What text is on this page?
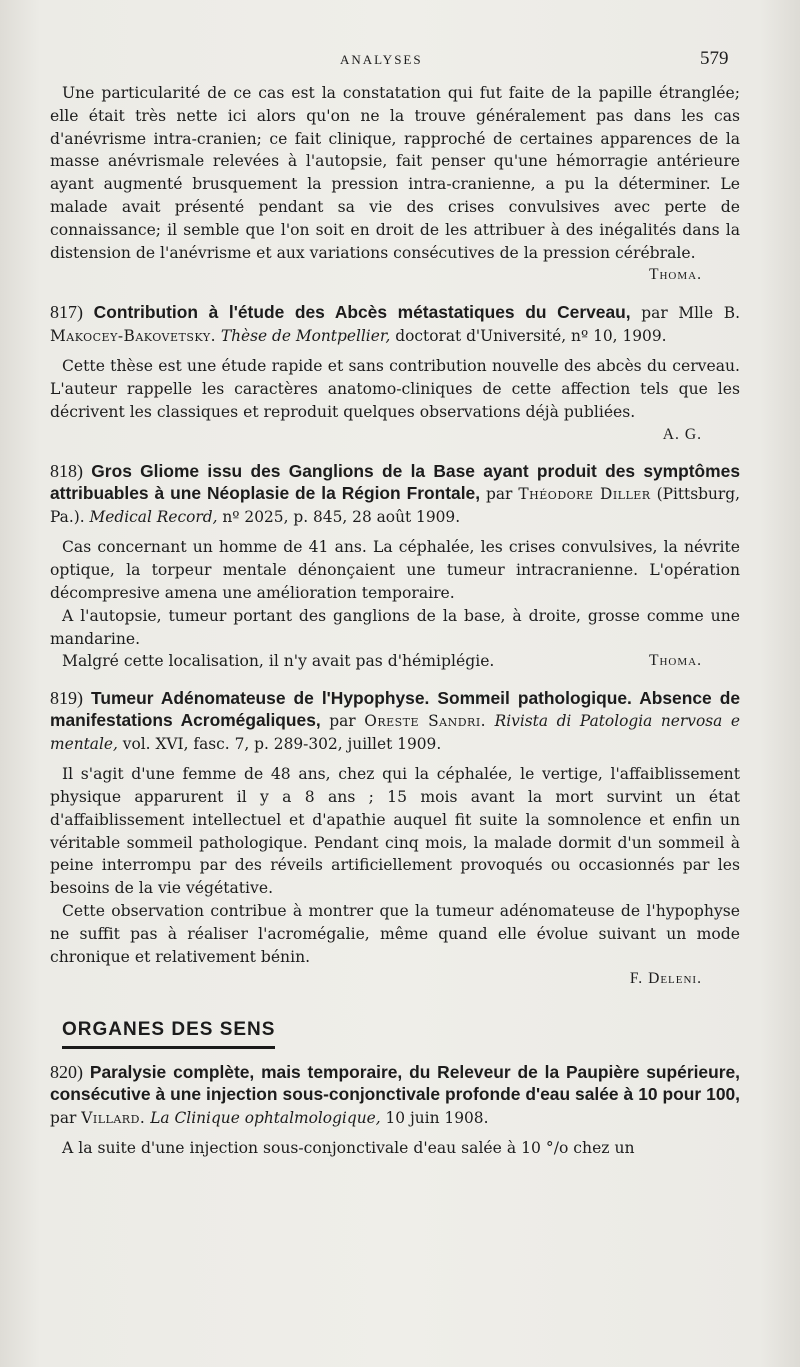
ANALYSES	579

Une particularité de ce cas est la constatation qui fut faite de la papille étranglée; elle était très nette ici alors qu'on ne la trouve généralement pas dans les cas d'anévrisme intra-cranien; ce fait clinique, rapproché de certaines apparences de la masse anévrismale relevées à l'autopsie, fait penser qu'une hémorragie antérieure ayant augmenté brusquement la pression intra-cranienne, a pu la déterminer. Le malade avait présenté pendant sa vie des crises convulsives avec perte de connaissance; il semble que l'on soit en droit de les attribuer à des inégalités dans la distension de l'anévrisme et aux variations consécutives de la pression cérébrale.

Thoma.
817) Contribution à l'étude des Abcès métastatiques du Cerveau, par Mlle B. Makocey-Bakovetsky. Thèse de Montpellier, doctorat d'Université, nº 10, 1909.

Cette thèse est une étude rapide et sans contribution nouvelle des abcès du cerveau. L'auteur rappelle les caractères anatomo-cliniques de cette affection tels que les décrivent les classiques et reproduit quelques observations déjà publiées.

A. G.
818) Gros Gliome issu des Ganglions de la Base ayant produit des symptômes attribuables à une Néoplasie de la Région Frontale, par Théodore Diller (Pittsburg, Pa.). Medical Record, nº 2025, p. 845, 28 août 1909.

Cas concernant un homme de 41 ans. La céphalée, les crises convulsives, la névrite optique, la torpeur mentale dénonçaient une tumeur intracranienne. L'opération décompresive amena une amélioration temporaire.

A l'autopsie, tumeur portant des ganglions de la base, à droite, grosse comme une mandarine.

Thoma.

Malgré cette localisation, il n'y avait pas d'hémiplégie.

819) Tumeur Adénomateuse de l'Hypophyse. Sommeil pathologique. Absence de manifestations Acromégaliques, par Oreste Sandri. Rivista di Patologia nervosa e mentale, vol. XVI, fasc. 7, p. 289-302, juillet 1909.

Il s'agit d'une femme de 48 ans, chez qui la céphalée, le vertige, l'affaiblissement physique apparurent il y a 8 ans ; 15 mois avant la mort survint un état d'affaiblissement intellectuel et d'apathie auquel fit suite la somnolence et enfin un véritable sommeil pathologique. Pendant cinq mois, la malade dormit d'un sommeil à peine interrompu par des réveils artificiellement provoqués ou occasionnés par les besoins de la vie végétative.

Cette observation contribue à montrer que la tumeur adénomateuse de l'hypophyse ne suffit pas à réaliser l'acromégalie, même quand elle évolue suivant un mode chronique et relativement bénin.

F. Deleni.
ORGANES DES SENS
820) Paralysie complète, mais temporaire, du Releveur de la Paupière supérieure, consécutive à une injection sous-conjonctivale profonde d'eau salée à 10 pour 100, par Villard. La Clinique ophtalmologique, 10 juin 1908.

A la suite d'une injection sous-conjonctivale d'eau salée à 10 °/o chez un
